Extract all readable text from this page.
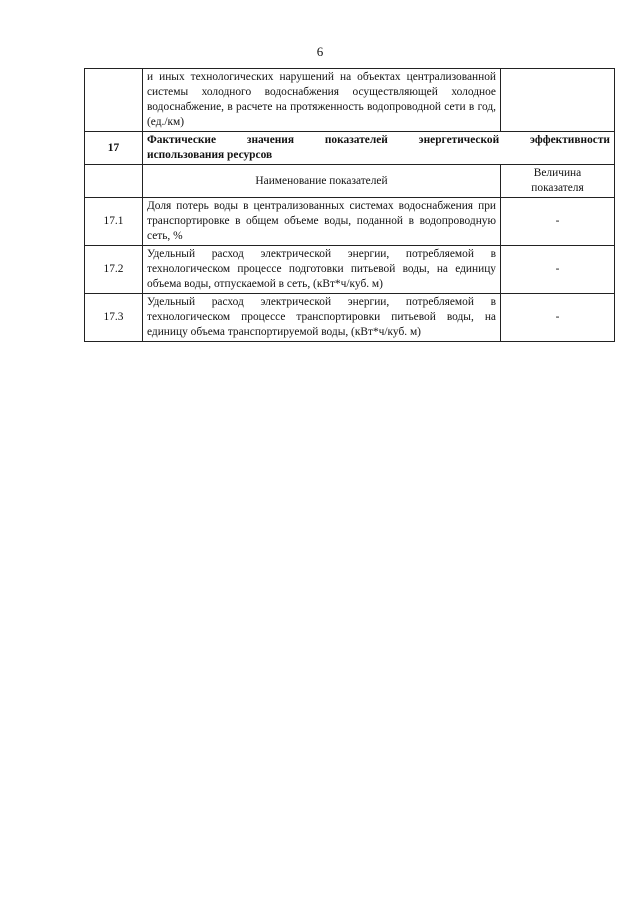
6
	и иных технологических нарушений на объектах централизованной системы холодного водоснабжения осуществляющей холодное водоснабжение, в расчете на протяженность водопроводной сети в год, (ед./км)	
17	Фактические значения показателей энергетической эффективности
использования ресурсов	

	Наименование показателей	Величина
показателя

17.1	Доля потерь воды в централизованных системах водоснабжения при транспортировке в общем объеме воды, поданной в водопроводную сеть, %	-
17.2	Удельный расход электрической энергии, потребляемой в технологическом процессе подготовки питьевой воды, на единицу объема воды, отпускаемой в сеть, (кВт*ч/куб. м)	-
17.3	Удельный расход электрической энергии, потребляемой в технологическом процессе транспортировки питьевой воды, на единицу объема транспортируемой воды, (кВт*ч/куб. м)	-
